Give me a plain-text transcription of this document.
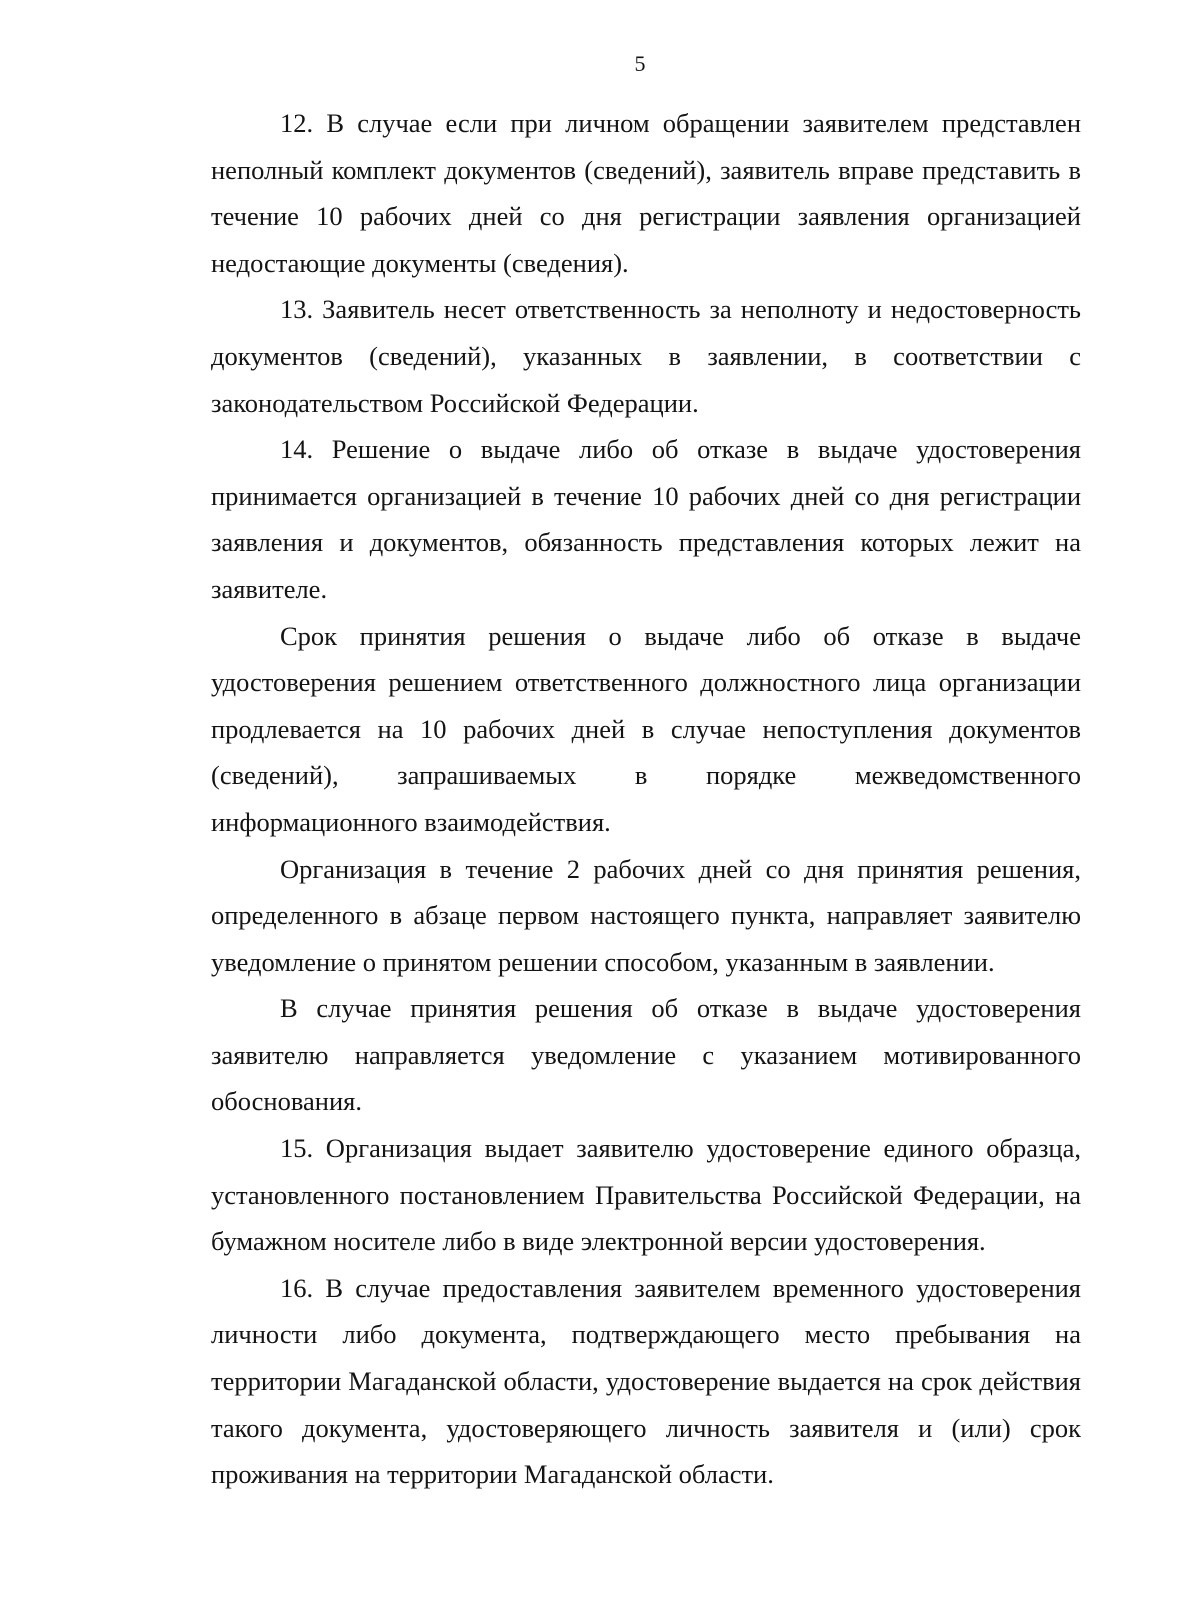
5

12. В случае если при личном обращении заявителем представлен неполный комплект документов (сведений), заявитель вправе представить в течение 10 рабочих дней со дня регистрации заявления организацией недостающие документы (сведения).

13. Заявитель несет ответственность за неполноту и недостоверность документов (сведений), указанных в заявлении, в соответствии с законодательством Российской Федерации.

14. Решение о выдаче либо об отказе в выдаче удостоверения принимается организацией в течение 10 рабочих дней со дня регистрации заявления и документов, обязанность представления которых лежит на заявителе.

Срок принятия решения о выдаче либо об отказе в выдаче удостоверения решением ответственного должностного лица организации продлевается на 10 рабочих дней в случае непоступления документов (сведений), запрашиваемых в порядке межведомственного информационного взаимодействия.

Организация в течение 2 рабочих дней со дня принятия решения, определенного в абзаце первом настоящего пункта, направляет заявителю уведомление о принятом решении способом, указанным в заявлении.

В случае принятия решения об отказе в выдаче удостоверения заявителю направляется уведомление с указанием мотивированного обоснования.

15. Организация выдает заявителю удостоверение единого образца, установленного постановлением Правительства Российской Федерации, на бумажном носителе либо в виде электронной версии удостоверения.

16. В случае предоставления заявителем временного удостоверения личности либо документа, подтверждающего место пребывания на территории Магаданской области, удостоверение выдается на срок действия такого документа, удостоверяющего личность заявителя и (или) срок проживания на территории Магаданской области.
